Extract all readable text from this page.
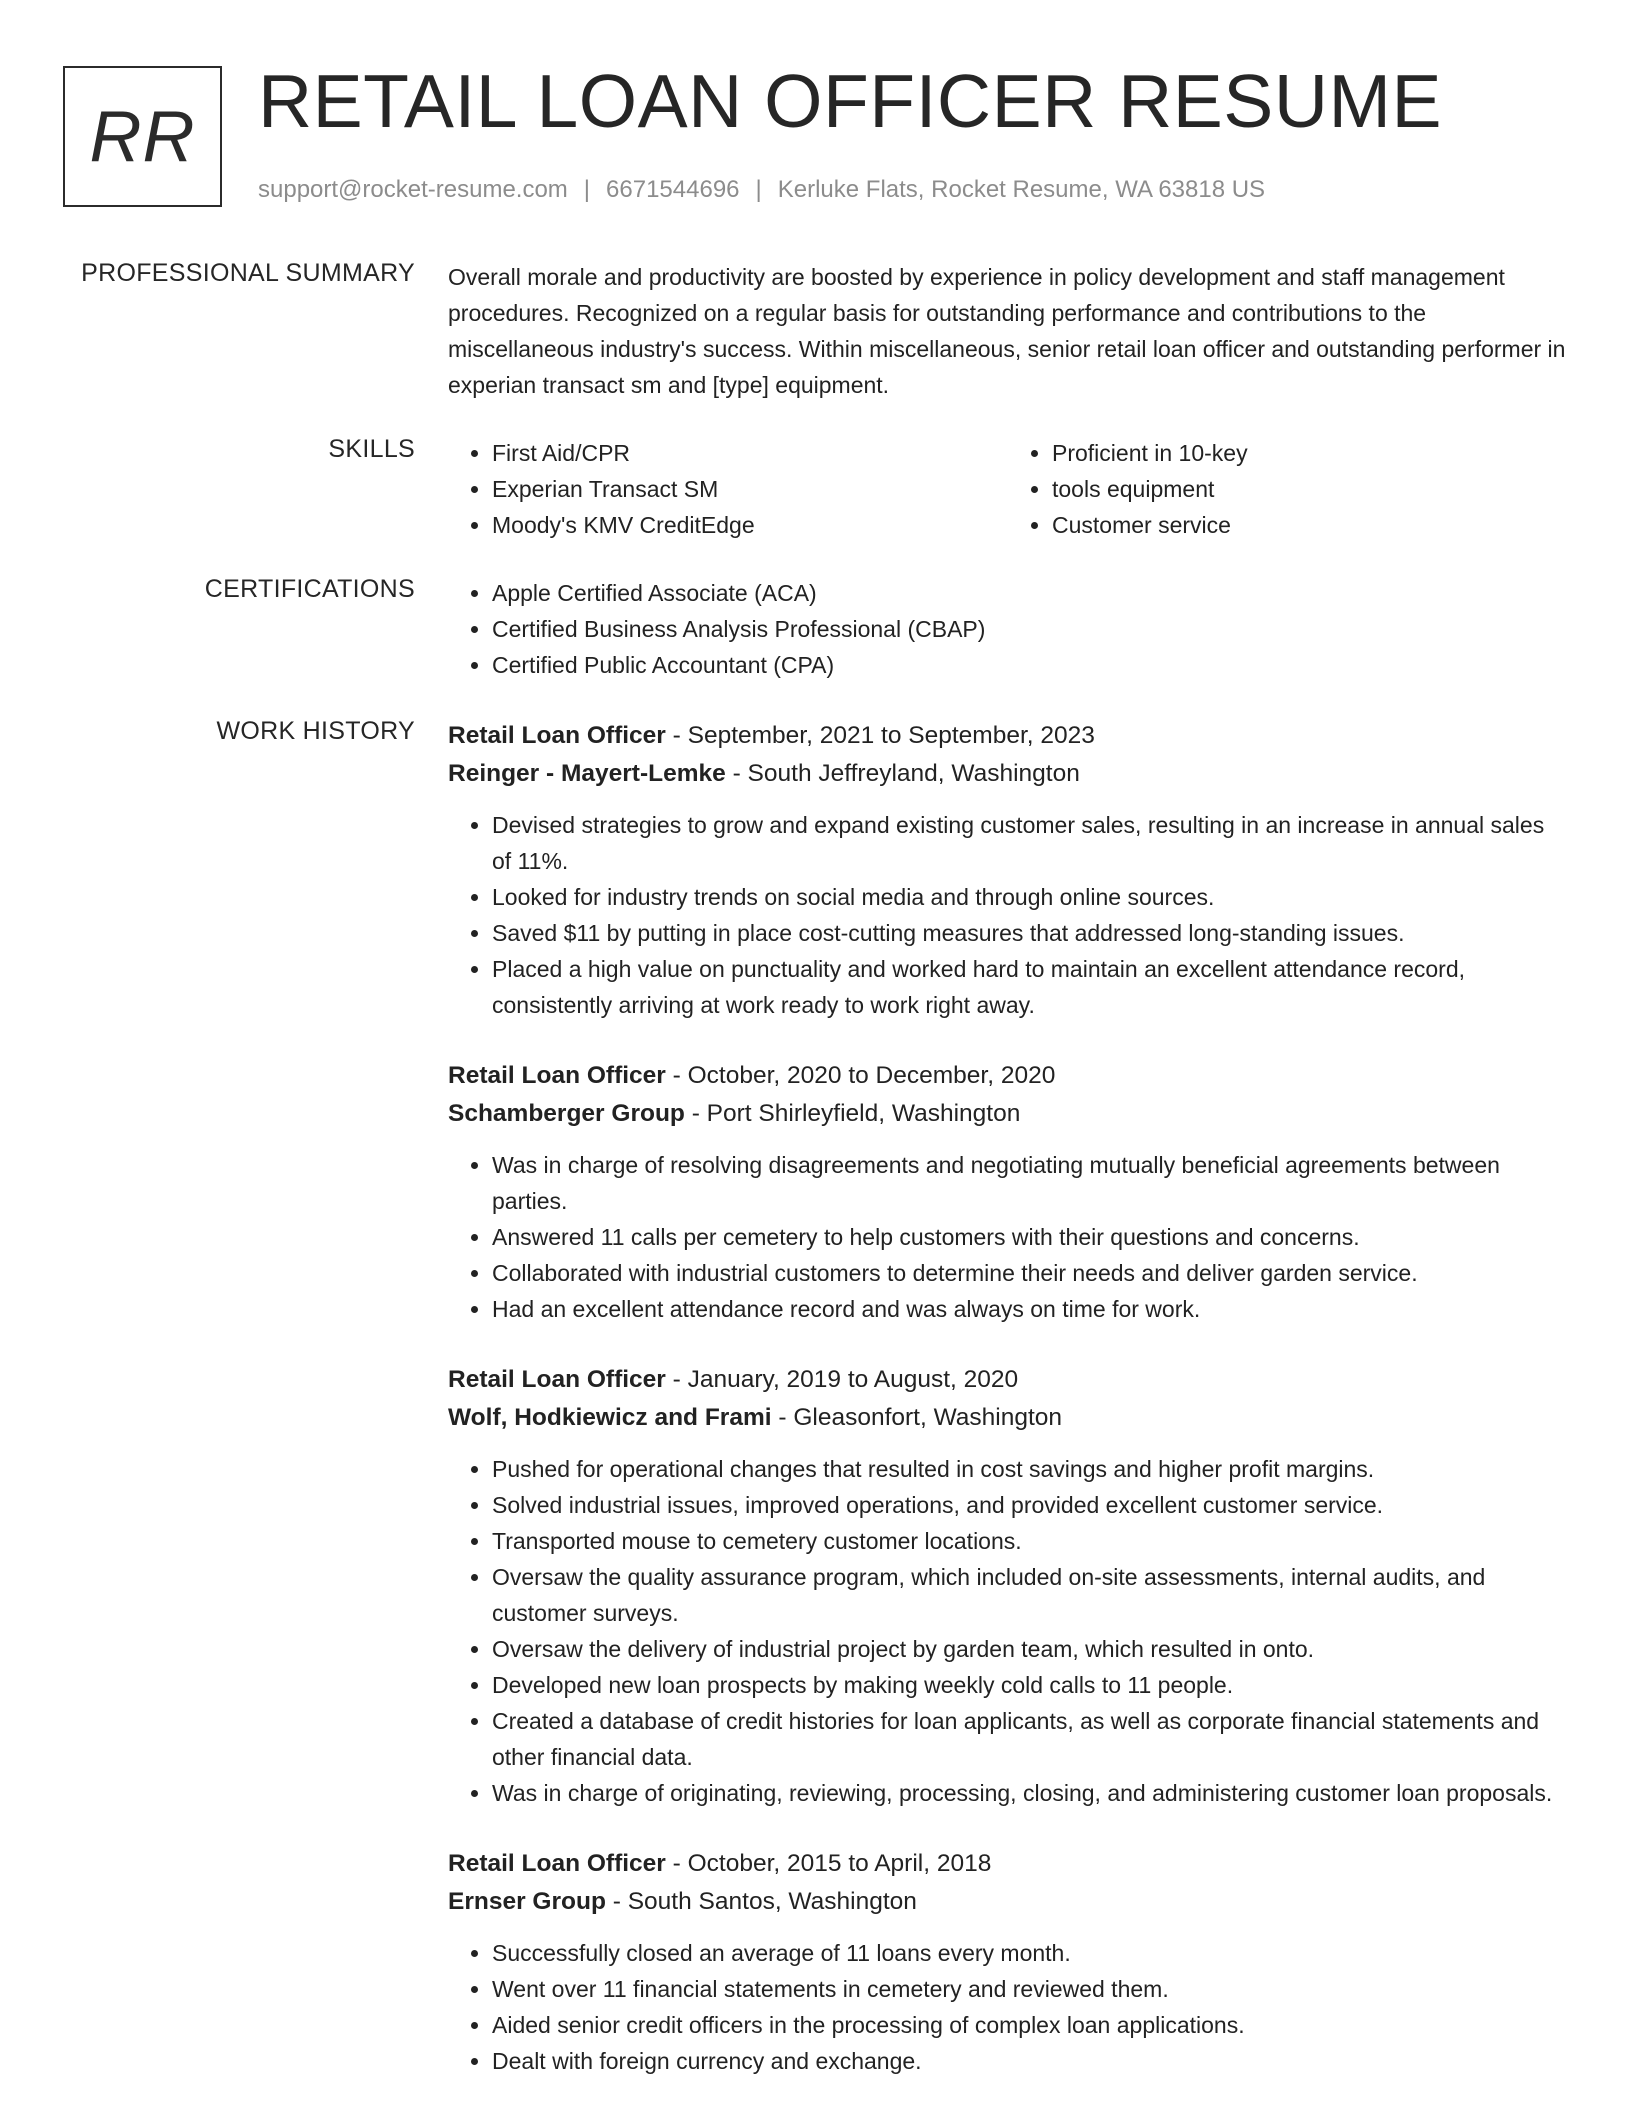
RR RETAIL LOAN OFFICER RESUME
support@rocket-resume.com | 6671544696 | Kerluke Flats, Rocket Resume, WA 63818 US
PROFESSIONAL SUMMARY Overall morale and productivity are boosted by experience in policy development and staff management procedures. Recognized on a regular basis for outstanding performance and contributions to the miscellaneous industry's success. Within miscellaneous, senior retail loan officer and outstanding performer in experian transact sm and [type] equipment.

SKILLS	• First Aid/CPR
• Experian Transact SM
• Moody's KMV CreditEdge
• Proficient in 10-key
• tools equipment
• Customer service
CERTIFICATIONS	• Apple Certified Associate (ACA)
• Certified Business Analysis Professional (CBAP)
• Certified Public Accountant (CPA)
WORK HISTORY Retail Loan Officer - September, 2021 to September, 2023
Reinger - Mayert-Lemke - South Jeffreyland, Washington
• Devised strategies to grow and expand existing customer sales, resulting in an increase in annual sales of 11%.
• Looked for industry trends on social media and through online sources.
• Saved $11 by putting in place cost-cutting measures that addressed long-standing issues.
• Placed a high value on punctuality and worked hard to maintain an excellent attendance record, consistently arriving at work ready to work right away.
Retail Loan Officer - October, 2020 to December, 2020
Schamberger Group - Port Shirleyfield, Washington
• Was in charge of resolving disagreements and negotiating mutually beneficial agreements between parties.
• Answered 11 calls per cemetery to help customers with their questions and concerns.
• Collaborated with industrial customers to determine their needs and deliver garden service.
• Had an excellent attendance record and was always on time for work.
Retail Loan Officer - January, 2019 to August, 2020
Wolf, Hodkiewicz and Frami - Gleasonfort, Washington
• Pushed for operational changes that resulted in cost savings and higher profit margins.
• Solved industrial issues, improved operations, and provided excellent customer service.
• Transported mouse to cemetery customer locations.
• Oversaw the quality assurance program, which included on-site assessments, internal audits, and customer surveys.
• Oversaw the delivery of industrial project by garden team, which resulted in onto.
• Developed new loan prospects by making weekly cold calls to 11 people.
• Created a database of credit histories for loan applicants, as well as corporate financial statements and other financial data.
• Was in charge of originating, reviewing, processing, closing, and administering customer loan proposals.
Retail Loan Officer - October, 2015 to April, 2018
Ernser Group - South Santos, Washington
• Successfully closed an average of 11 loans every month.
• Went over 11 financial statements in cemetery and reviewed them.
• Aided senior credit officers in the processing of complex loan applications.
• Dealt with foreign currency and exchange.
